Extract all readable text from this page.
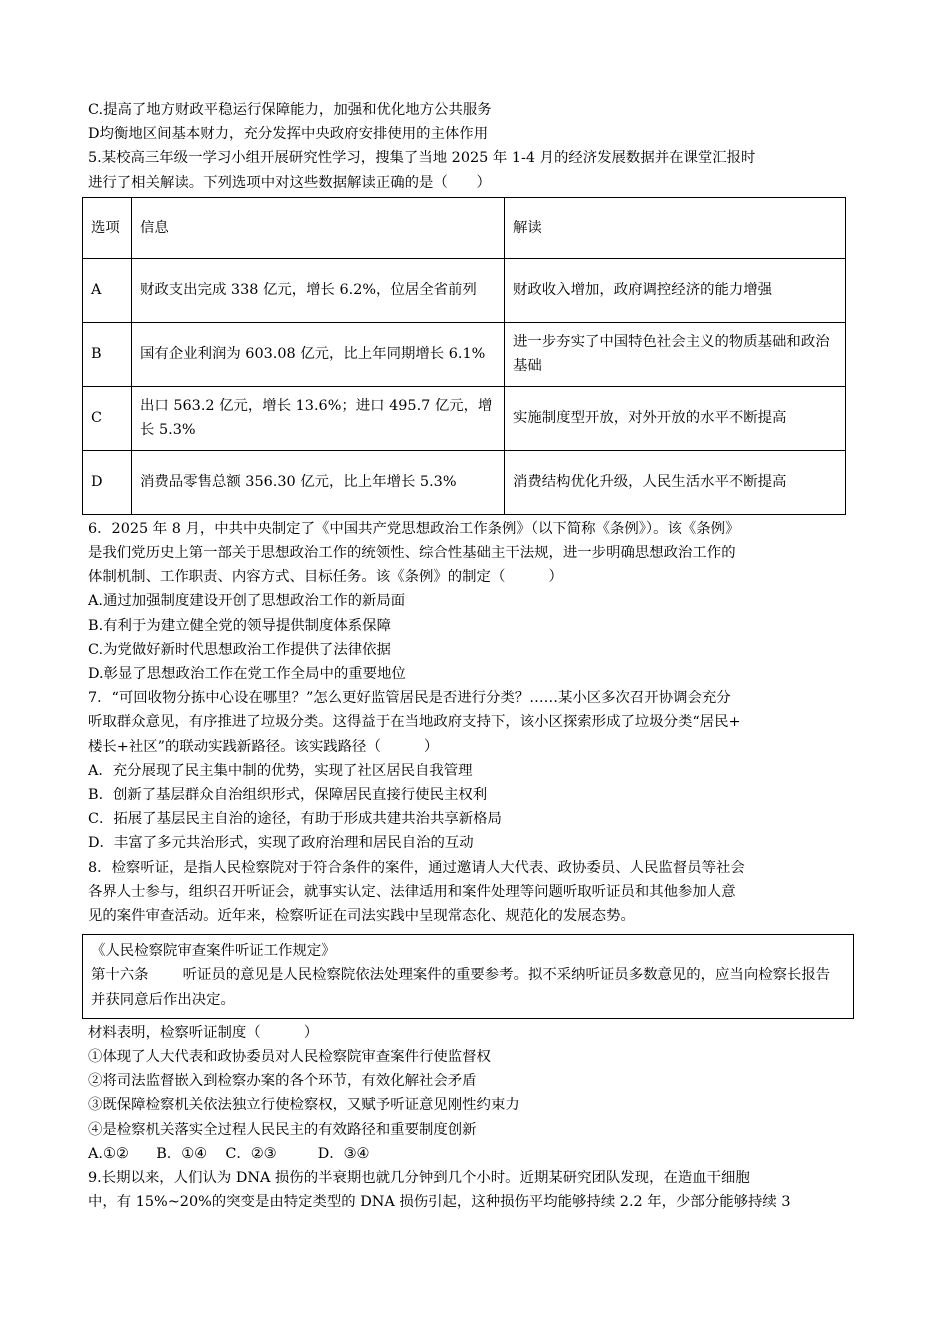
C.提高了地方财政平稳运行保障能力，加强和优化地方公共服务
D均衡地区间基本财力，充分发挥中央政府安排使用的主体作用
5.某校高三年级一学习小组开展研究性学习，搜集了当地 2025 年 1-4 月的经济发展数据并在课堂汇报时
进行了相关解读。下列选项中对这些数据解读正确的是（　　）
选项	信息	解读
A	财政支出完成 338 亿元，增长 6.2%，位居全省前列	财政收入增加，政府调控经济的能力增强
B	国有企业利润为 603.08 亿元，比上年同期增长 6.1%	进一步夯实了中国特色社会主义的物质基础和政治基础
C	出口 563.2 亿元，增长 13.6%；进口 495.7 亿元，增长 5.3%	实施制度型开放，对外开放的水平不断提高
D	消费品零售总额 356.30 亿元，比上年增长 5.3%	消费结构优化升级，人民生活水平不断提高
6．2025 年 8 月，中共中央制定了《中国共产党思想政治工作条例》（以下简称《条例》）。该《条例》
是我们党历史上第一部关于思想政治工作的统领性、综合性基础主干法规，进一步明确思想政治工作的
体制机制、工作职责、内容方式、目标任务。该《条例》的制定（　　　）
A.通过加强制度建设开创了思想政治工作的新局面
B.有利于为建立健全党的领导提供制度体系保障
C.为党做好新时代思想政治工作提供了法律依据
D.彰显了思想政治工作在党工作全局中的重要地位
7．“可回收物分拣中心设在哪里？”怎么更好监管居民是否进行分类？……某小区多次召开协调会充分
听取群众意见，有序推进了垃圾分类。这得益于在当地政府支持下，该小区探索形成了垃圾分类“居民+
楼长+社区”的联动实践新路径。该实践路径（　　　）
A．充分展现了民主集中制的优势，实现了社区居民自我管理
B．创新了基层群众自治组织形式，保障居民直接行使民主权利
C．拓展了基层民主自治的途径，有助于形成共建共治共享新格局
D．丰富了多元共治形式，实现了政府治理和居民自治的互动
8．检察听证，是指人民检察院对于符合条件的案件，通过邀请人大代表、政协委员、人民监督员等社会
各界人士参与，组织召开听证会，就事实认定、法律适用和案件处理等问题听取听证员和其他参加人意
见的案件审查活动。近年来，检察听证在司法实践中呈现常态化、规范化的发展态势。
《人民检察院审查案件听证工作规定》
第十六条 听证员的意见是人民检察院依法处理案件的重要参考。拟不采纳听证员多数意见的，应当向检察长报告并获同意后作出决定。
材料表明，检察听证制度（　　　）
①体现了人大代表和政协委员对人民检察院审查案件行使监督权
②将司法监督嵌入到检察办案的各个环节，有效化解社会矛盾
③既保障检察机关依法独立行使检察权，又赋予听证意见刚性约束力
④是检察机关落实全过程人民民主的有效路径和重要制度创新
A.①② B．①④ C．②③	D．③④
9.长期以来，人们认为 DNA 损伤的半衰期也就几分钟到几个小时。近期某研究团队发现，在造血干细胞
中，有 15%~20%的突变是由特定类型的 DNA 损伤引起，这种损伤平均能够持续 2.2 年，少部分能够持续 3
